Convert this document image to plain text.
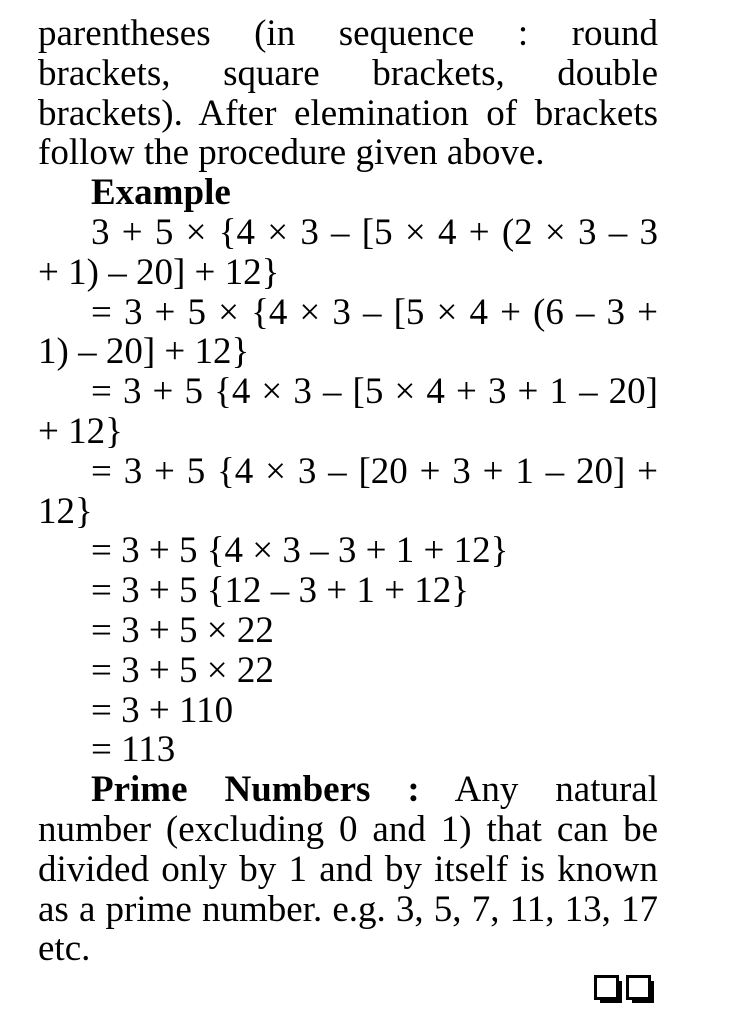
parentheses (in sequence : round
brackets, square brackets, double
brackets). After elemination of brackets
follow the procedure given above.
Example
3 + 5 × {4 × 3 – [5 × 4 + (2 × 3 – 3
+ 1) – 20] + 12}
= 3 + 5 × {4 × 3 – [5 × 4 + (6 – 3 +
1) – 20] + 12}
= 3 + 5 {4 × 3 – [5 × 4 + 3 + 1 – 20]
+ 12}
= 3 + 5 {4 × 3 – [20 + 3 + 1 – 20] +
12}
= 3 + 5 {4 × 3 – 3 + 1 + 12}
= 3 + 5 {12 – 3 + 1 + 12}
= 3 + 5 × 22
= 3 + 5 × 22
= 3 + 110
= 113
Prime Numbers : Any natural
number (excluding 0 and 1) that can be
divided only by 1 and by itself is known
as a prime number. e.g. 3, 5, 7, 11, 13, 17
etc.
